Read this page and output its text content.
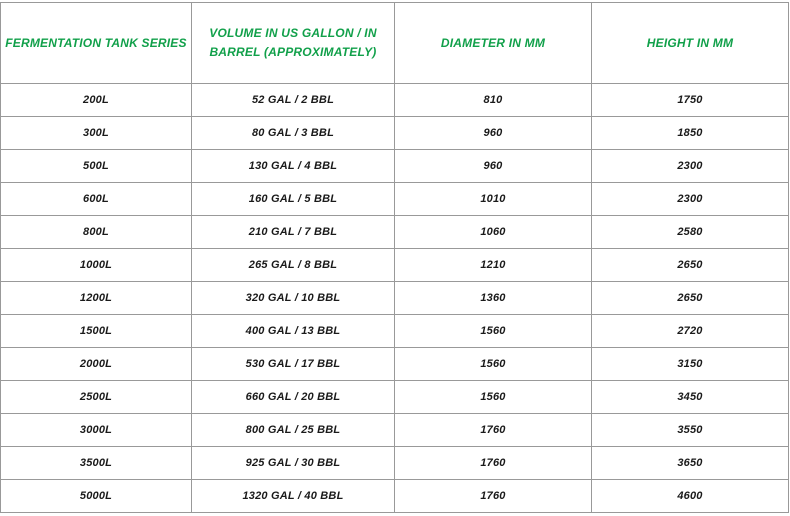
FERMENTATION TANK SERIES	VOLUME IN US GALLON / IN BARREL (APPROXIMATELY)	DIAMETER IN MM	HEIGHT IN MM
200L	52 GAL / 2 BBL	810	1750
300L	80 GAL / 3 BBL	960	1850
500L	130 GAL / 4 BBL	960	2300
600L	160 GAL / 5 BBL	1010	2300
800L	210 GAL / 7 BBL	1060	2580
1000L	265 GAL / 8 BBL	1210	2650
1200L	320 GAL / 10 BBL	1360	2650
1500L	400 GAL / 13 BBL	1560	2720
2000L	530 GAL / 17 BBL	1560	3150
2500L	660 GAL / 20 BBL	1560	3450
3000L	800 GAL / 25 BBL	1760	3550
3500L	925 GAL / 30 BBL	1760	3650
5000L	1320 GAL / 40 BBL	1760	4600
